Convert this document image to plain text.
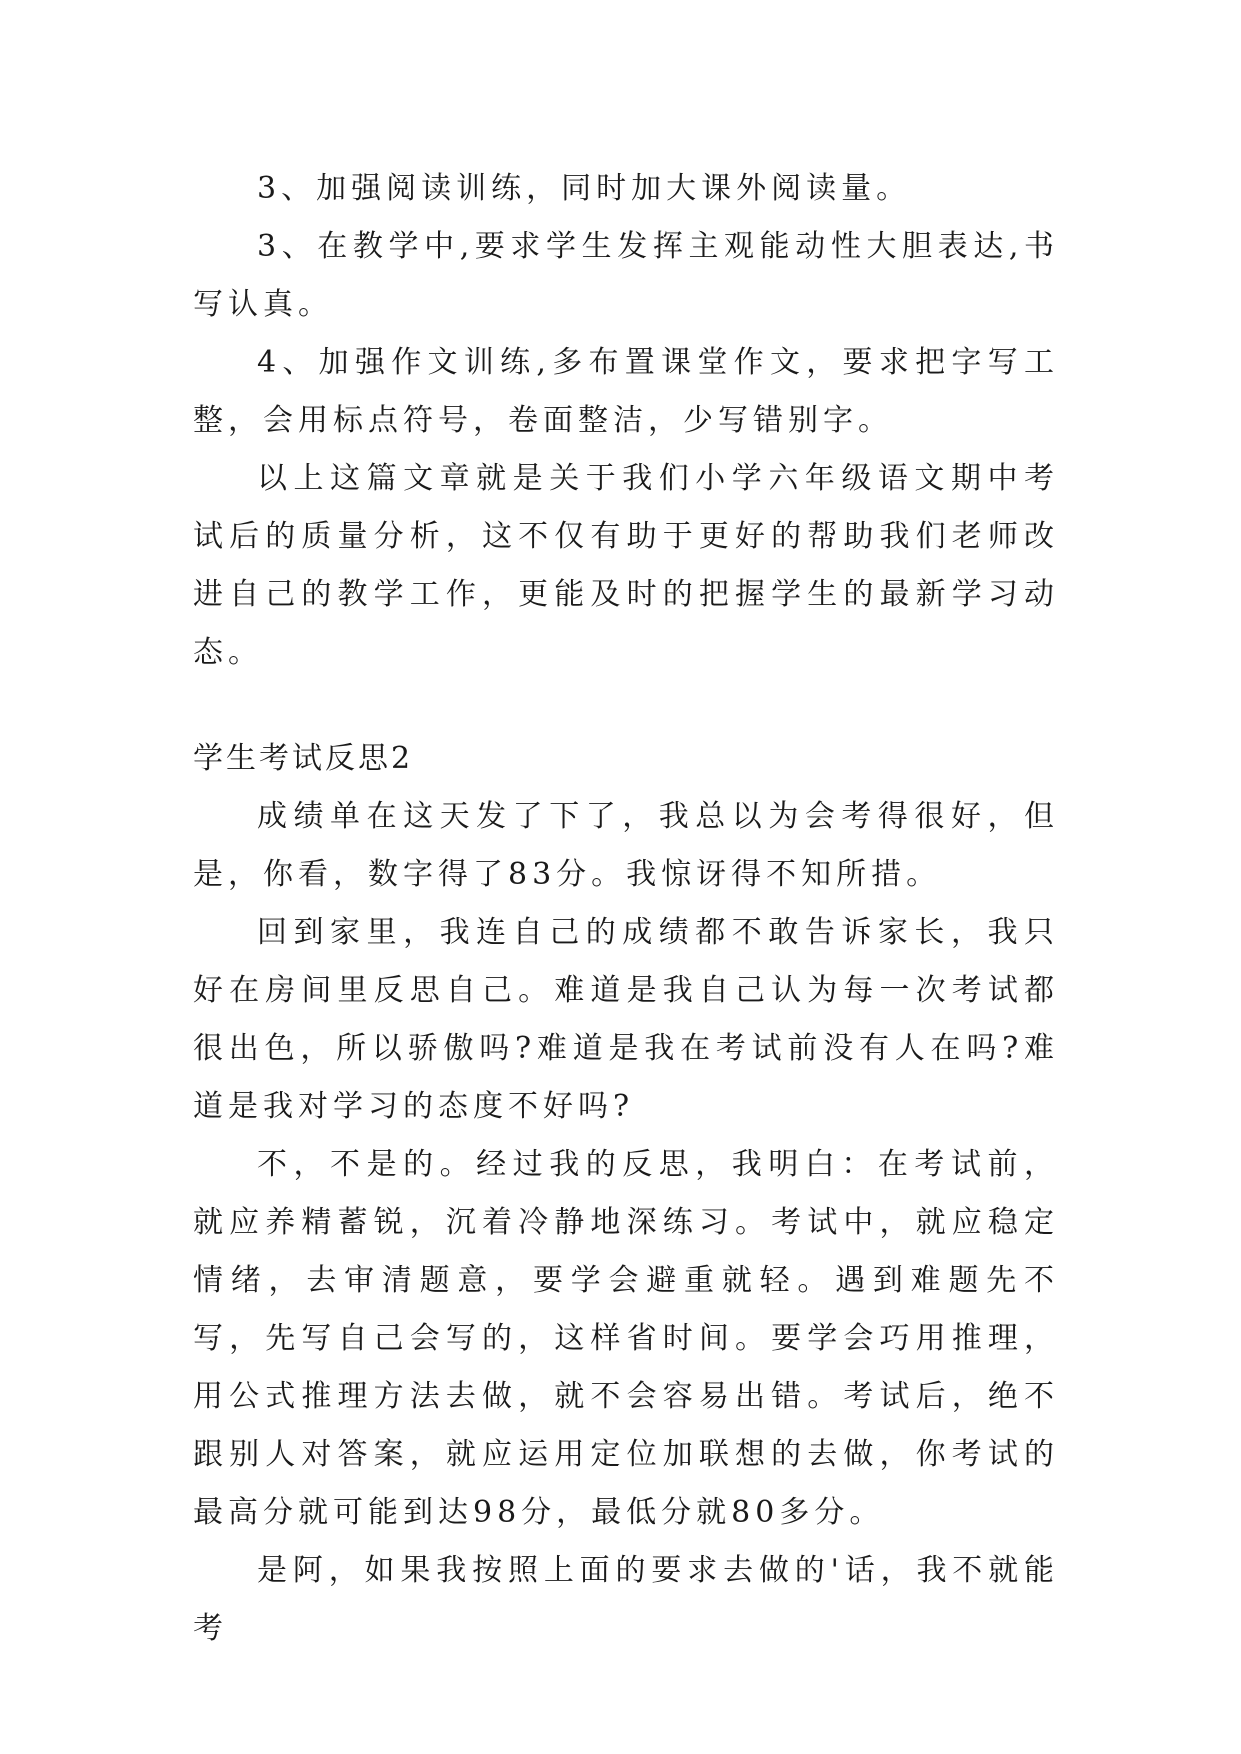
3、加强阅读训练，同时加大课外阅读量。

3、在教学中,要求学生发挥主观能动性大胆表达,书写认真。

4、加强作文训练,多布置课堂作文，要求把字写工整，会用标点符号，卷面整洁，少写错别字。

以上这篇文章就是关于我们小学六年级语文期中考试后的质量分析，这不仅有助于更好的帮助我们老师改进自己的教学工作，更能及时的把握学生的最新学习动态。

学生考试反思2

成绩单在这天发了下了，我总以为会考得很好，但是，你看，数字得了83分。我惊讶得不知所措。

回到家里，我连自己的成绩都不敢告诉家长，我只好在房间里反思自己。难道是我自己认为每一次考试都很出色，所以骄傲吗?难道是我在考试前没有人在吗?难道是我对学习的态度不好吗?

不，不是的。经过我的反思，我明白：在考试前，就应养精蓄锐，沉着冷静地深练习。考试中，就应稳定情绪，去审清题意，要学会避重就轻。遇到难题先不写，先写自己会写的，这样省时间。要学会巧用推理，用公式推理方法去做，就不会容易出错。考试后，绝不跟别人对答案，就应运用定位加联想的去做，你考试的最高分就可能到达98分，最低分就80多分。

是阿，如果我按照上面的要求去做的'话，我不就能考
